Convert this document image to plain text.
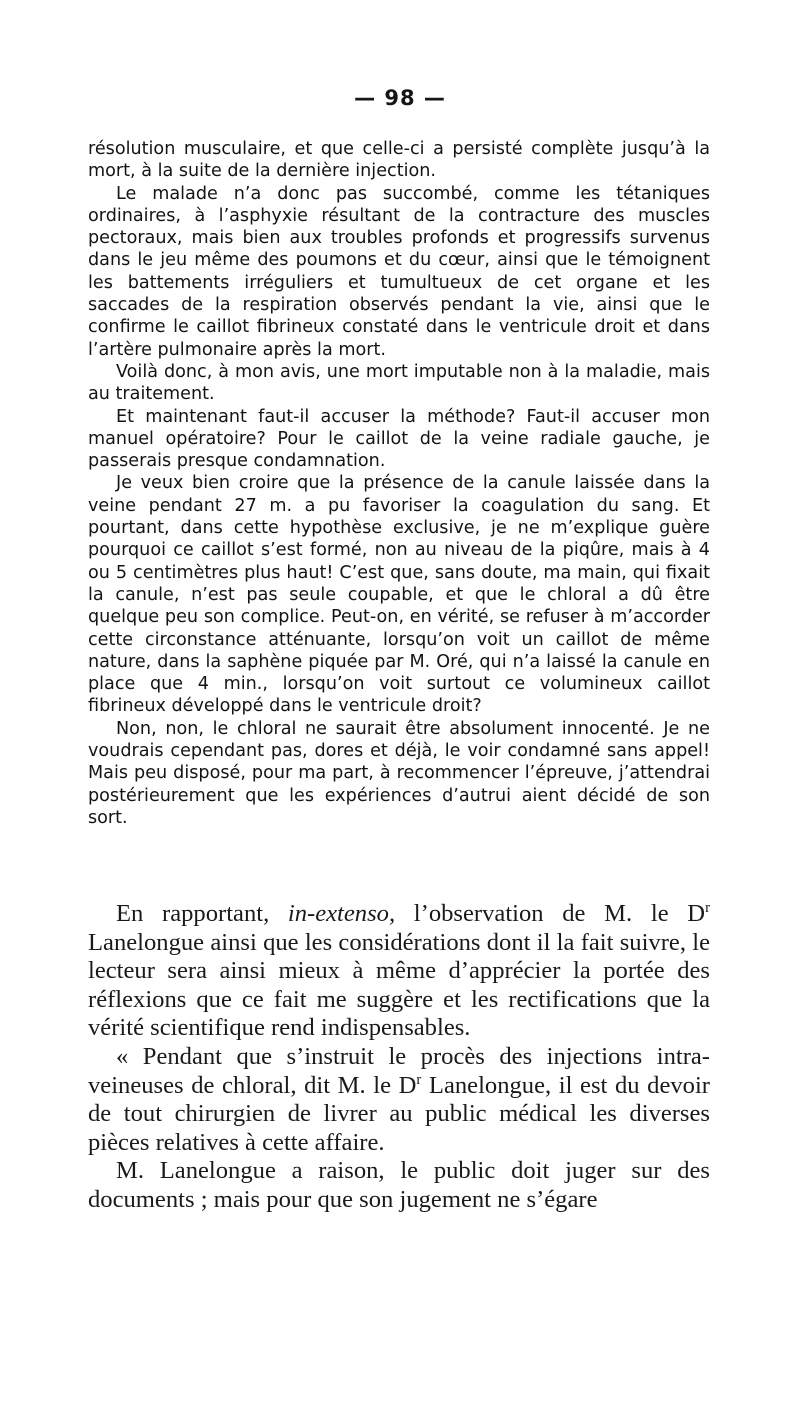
— 98 —

résolution musculaire, et que celle-ci a persisté complète jusqu’à la mort, à la suite de la dernière injection.

Le malade n’a donc pas succombé, comme les tétaniques ordinaires, à l’asphyxie résultant de la contracture des muscles pectoraux, mais bien aux troubles profonds et progressifs survenus dans le jeu même des poumons et du cœur, ainsi que le témoignent les battements irréguliers et tumultueux de cet organe et les saccades de la respiration observés pendant la vie, ainsi que le confirme le caillot fibrineux constaté dans le ventricule droit et dans l’artère pulmonaire après la mort.

Voilà donc, à mon avis, une mort imputable non à la maladie, mais au traitement.

Et maintenant faut-il accuser la méthode? Faut-il accuser mon manuel opératoire? Pour le caillot de la veine radiale gauche, je passerais presque condamnation.

Je veux bien croire que la présence de la canule laissée dans la veine pendant 27 m. a pu favoriser la coagulation du sang. Et pourtant, dans cette hypothèse exclusive, je ne m’explique guère pourquoi ce caillot s’est formé, non au niveau de la piqûre, mais à 4 ou 5 centimètres plus haut! C’est que, sans doute, ma main, qui fixait la canule, n’est pas seule coupable, et que le chloral a dû être quelque peu son complice. Peut-on, en vérité, se refuser à m’accorder cette circonstance atténuante, lorsqu’on voit un caillot de même nature, dans la saphène piquée par M. Oré, qui n’a laissé la canule en place que 4 min., lorsqu’on voit surtout ce volumineux caillot fibrineux développé dans le ventricule droit?

Non, non, le chloral ne saurait être absolument innocenté. Je ne voudrais cependant pas, dores et déjà, le voir condamné sans appel! Mais peu disposé, pour ma part, à recommencer l’épreuve, j’attendrai postérieurement que les expériences d’autrui aient décidé de son sort.

En rapportant, in-extenso, l’observation de M. le $D^r$ Lanelongue ainsi que les considérations dont il la fait suivre, le lecteur sera ainsi mieux à même d’apprécier la portée des réflexions que ce fait me suggère et les rectifications que la vérité scientifique rend indispensables.

« Pendant que s’instruit le procès des injections intra-veineuses de chloral, dit M. le $D^r$ Lanelongue, il est du devoir de tout chirurgien de livrer au public médical les diverses pièces relatives à cette affaire.

M. Lanelongue a raison, le public doit juger sur des documents ; mais pour que son jugement ne s’égare
